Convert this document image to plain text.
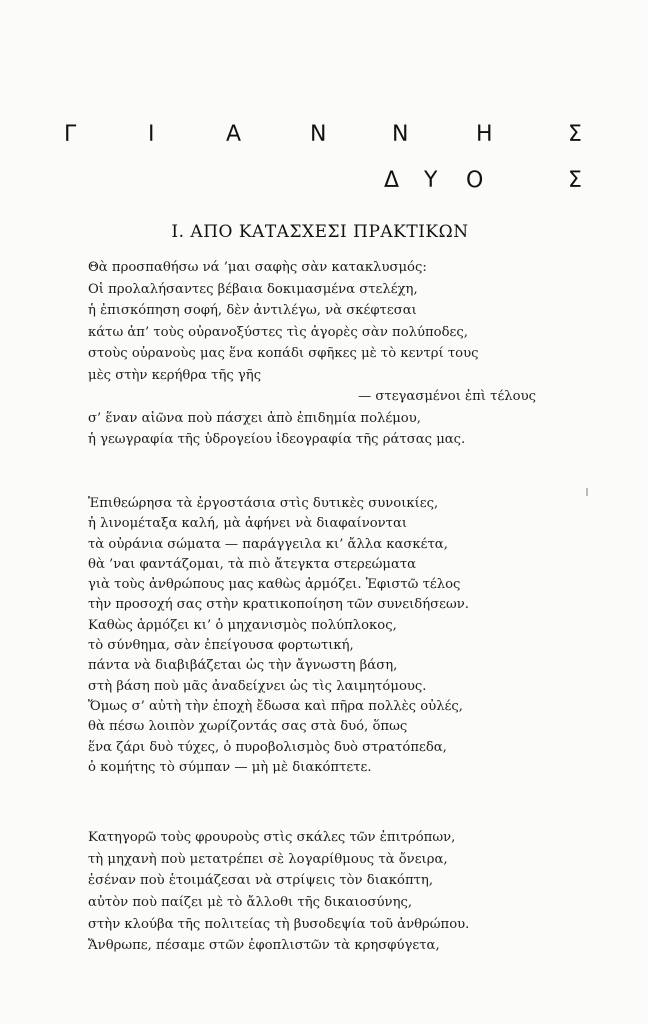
Γ	Ι	Α	Ν	Ν	Η	Σ
Δ Υ Ο	Σ
I. ΑΠΟ ΚΑΤΑΣΧΕΣΙ ΠΡΑΚΤΙΚΩΝ
Θὰ προσπαθήσω νά ’μαι σαφὴς σὰν κατακλυσμός:
Οἱ προλαλήσαντες βέβαια δοκιμασμένα στελέχη,
ἡ ἐπισκόπηση σοφή, δὲν ἀντιλέγω, νὰ σκέφτεσαι
κάτω ἀπ’ τοὺς οὐρανοξύστες τὶς ἀγορὲς σὰν πολύποδες,
στοὺς οὐρανοὺς μας ἕνα κοπάδι σφῆκες μὲ τὸ κεντρί τους
μὲς στὴν κερήθρα τῆς γῆς
— στεγασμένοι ἐπὶ τέλους
σ’ ἕναν αἰῶνα ποὺ πάσχει ἀπὸ ἐπιδημία πολέμου,
ἡ γεωγραφία τῆς ὑδρογείου ἰδεογραφία τῆς ράτσας μας.
Ἐπιθεώρησα τὰ ἐργοστάσια στὶς δυτικὲς συνοικίες,
ἡ λινομέταξα καλή, μὰ ἀφήνει νὰ διαφαίνονται
τὰ οὐράνια σώματα — παράγγειλα κι’ ἄλλα κασκέτα,
θὰ ’ναι φαντάζομαι, τὰ πιὸ ἄτεγκτα στερεώματα
γιὰ τοὺς ἀνθρώπους μας καθὼς ἁρμόζει. Ἐφιστῶ τέλος
τὴν προσοχή σας στὴν κρατικοποίηση τῶν συνειδήσεων.
Καθὼς ἁρμόζει κι’ ὁ μηχανισμὸς πολύπλοκος,
τὸ σύνθημα, σὰν ἐπείγουσα φορτωτική,
πάντα νὰ διαβιβάζεται ὡς τὴν ἄγνωστη βάση,
στὴ βάση ποὺ μᾶς ἀναδείχνει ὡς τὶς λαιμητόμους.
Ὅμως σ’ αὐτὴ τὴν ἐποχὴ ἔδωσα καὶ πῆρα πολλὲς οὐλές,
θὰ πέσω λοιπὸν χωρίζοντάς σας στὰ δυό, ὅπως
ἕνα ζάρι δυὸ τύχες, ὁ πυροβολισμὸς δυὸ στρατόπεδα,
ὁ κομήτης τὸ σύμπαν — μὴ μὲ διακόπτετε.
Κατηγορῶ τοὺς φρουροὺς στὶς σκάλες τῶν ἐπιτρόπων,
τὴ μηχανὴ ποὺ μετατρέπει σὲ λογαρίθμους τὰ ὄνειρα,
ἐσέναν ποὺ ἑτοιμάζεσαι νὰ στρίψεις τὸν διακόπτη,
αὐτὸν ποὺ παίζει μὲ τὸ ἄλλοθι τῆς δικαιοσύνης,
στὴν κλούβα τῆς πολιτείας τὴ βυσοδεψία τοῦ ἀνθρώπου.
Ἄνθρωπε, πέσαμε στῶν ἐφοπλιστῶν τὰ κρησφύγετα,
